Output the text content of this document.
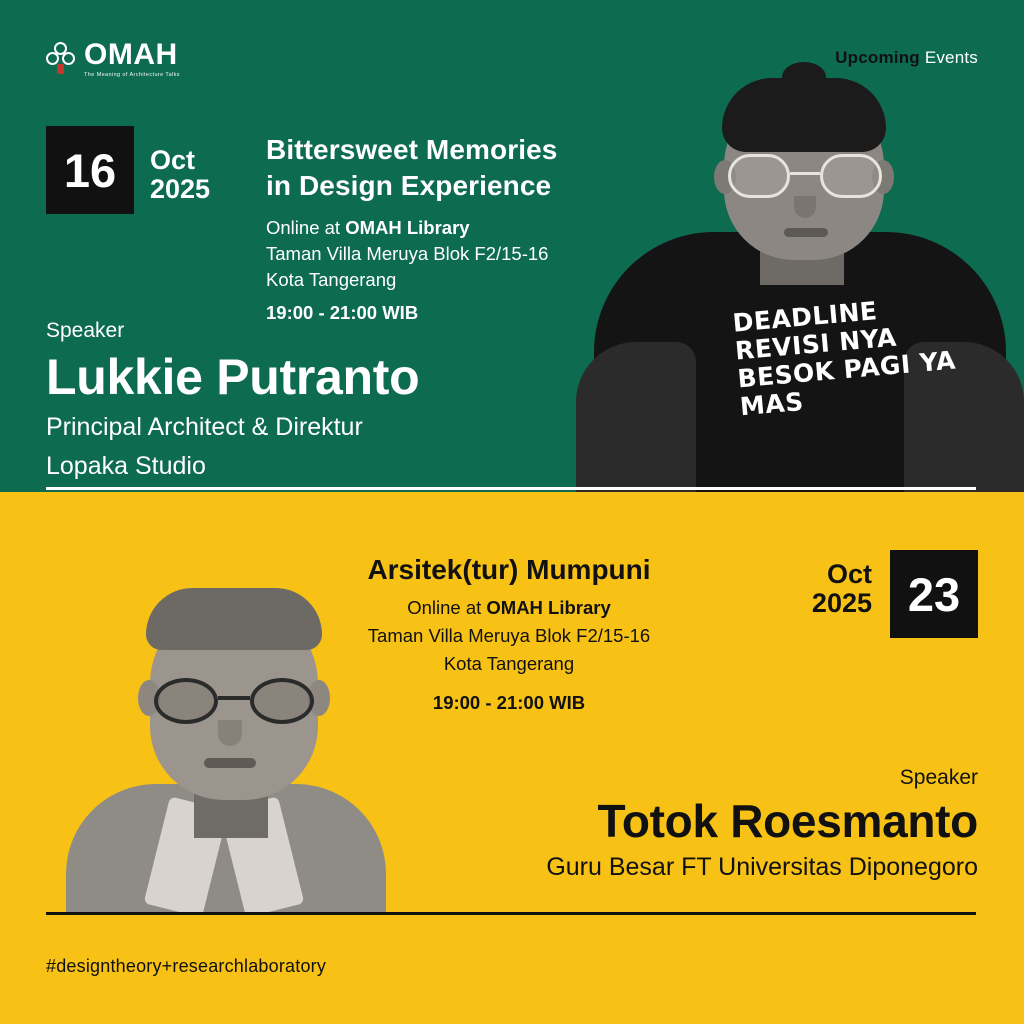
DEADLINE REVISI NYA BESOK PAGI YA MAS
OMAH
The Meaning of Architecture Talks
Upcoming Events
16 Oct
2025
Bittersweet Memories
in Design Experience
Online at OMAH Library
Taman Villa Meruya Blok F2/15-16
Kota Tangerang
19:00 - 21:00 WIB
Speaker
Lukkie Putranto
Principal Architect & Direktur
Lopaka Studio
23
Oct
2025
Arsitek(tur) Mumpuni
Online at OMAH Library
Taman Villa Meruya Blok F2/15-16
Kota Tangerang
19:00 - 21:00 WIB
Speaker
Totok Roesmanto
Guru Besar FT Universitas Diponegoro
#designtheory+researchlaboratory
